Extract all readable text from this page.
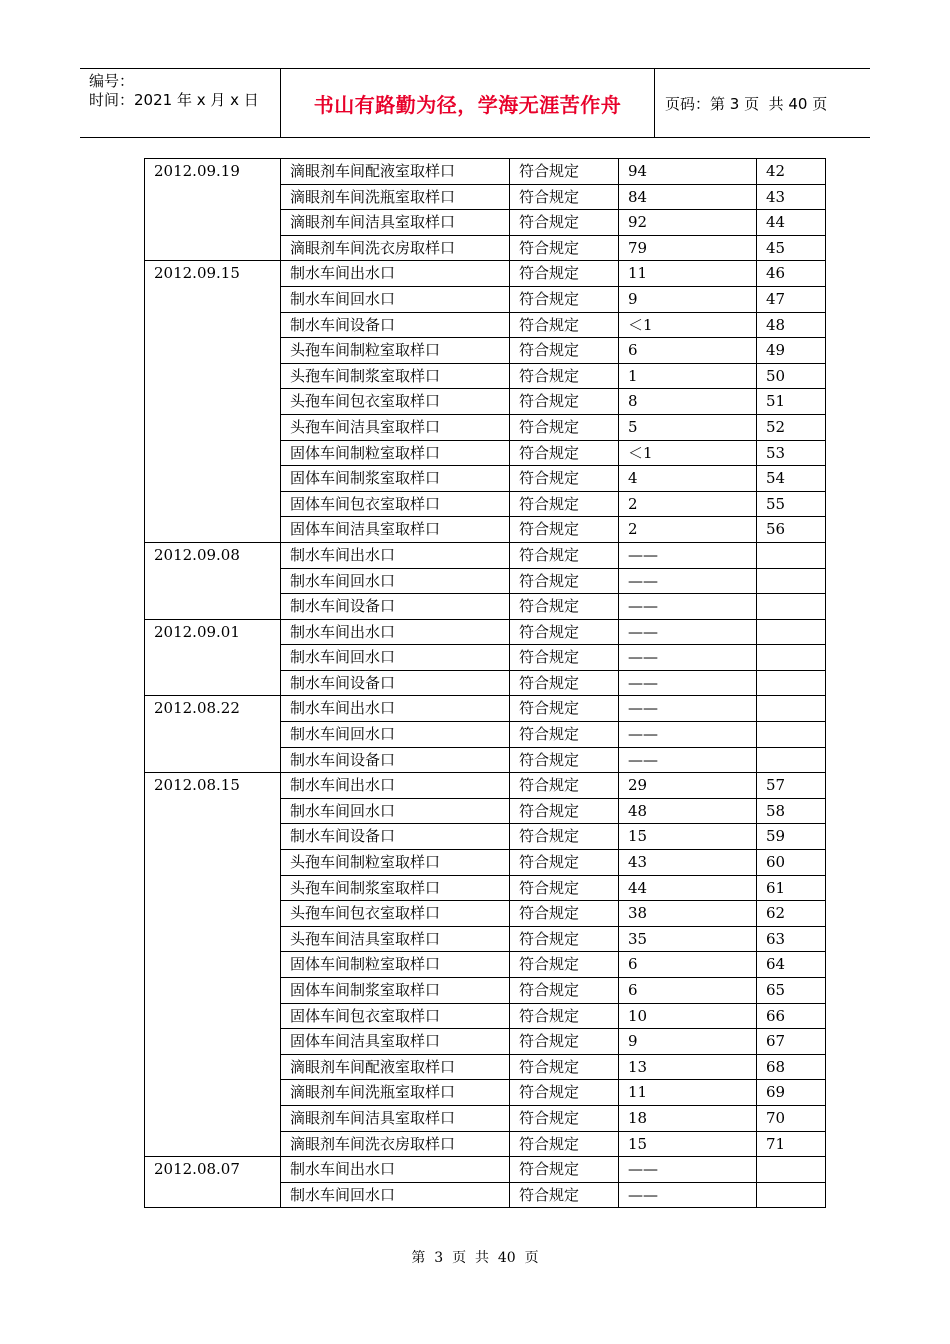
编号：
时间：2021 年 x 月 x 日	书山有路勤为径，学海无涯苦作舟	页码：第 3 页  共 40 页
2012.09.19	滴眼剂车间配液室取样口	符合规定	94	42
	滴眼剂车间洗瓶室取样口	符合规定	84	43
	滴眼剂车间洁具室取样口	符合规定	92	44
	滴眼剂车间洗衣房取样口	符合规定	79	45
2012.09.15	制水车间出水口	符合规定	11	46
	制水车间回水口	符合规定	9	47
	制水车间设备口	符合规定	＜1	48
	头孢车间制粒室取样口	符合规定	6	49
	头孢车间制浆室取样口	符合规定	1	50
	头孢车间包衣室取样口	符合规定	8	51
	头孢车间洁具室取样口	符合规定	5	52
	固体车间制粒室取样口	符合规定	＜1	53
	固体车间制浆室取样口	符合规定	4	54
	固体车间包衣室取样口	符合规定	2	55
	固体车间洁具室取样口	符合规定	2	56
2012.09.08	制水车间出水口	符合规定	——	
	制水车间回水口	符合规定	——	
	制水车间设备口	符合规定	——	
2012.09.01	制水车间出水口	符合规定	——	
	制水车间回水口	符合规定	——	
	制水车间设备口	符合规定	——	
2012.08.22	制水车间出水口	符合规定	——	
	制水车间回水口	符合规定	——	
	制水车间设备口	符合规定	——	
2012.08.15	制水车间出水口	符合规定	29	57
	制水车间回水口	符合规定	48	58
	制水车间设备口	符合规定	15	59
	头孢车间制粒室取样口	符合规定	43	60
	头孢车间制浆室取样口	符合规定	44	61
	头孢车间包衣室取样口	符合规定	38	62
	头孢车间洁具室取样口	符合规定	35	63
	固体车间制粒室取样口	符合规定	6	64
	固体车间制浆室取样口	符合规定	6	65
	固体车间包衣室取样口	符合规定	10	66
	固体车间洁具室取样口	符合规定	9	67
	滴眼剂车间配液室取样口	符合规定	13	68
	滴眼剂车间洗瓶室取样口	符合规定	11	69
	滴眼剂车间洁具室取样口	符合规定	18	70
	滴眼剂车间洗衣房取样口	符合规定	15	71
2012.08.07	制水车间出水口	符合规定	——	
	制水车间回水口	符合规定	——	
第  3  页  共  40  页
